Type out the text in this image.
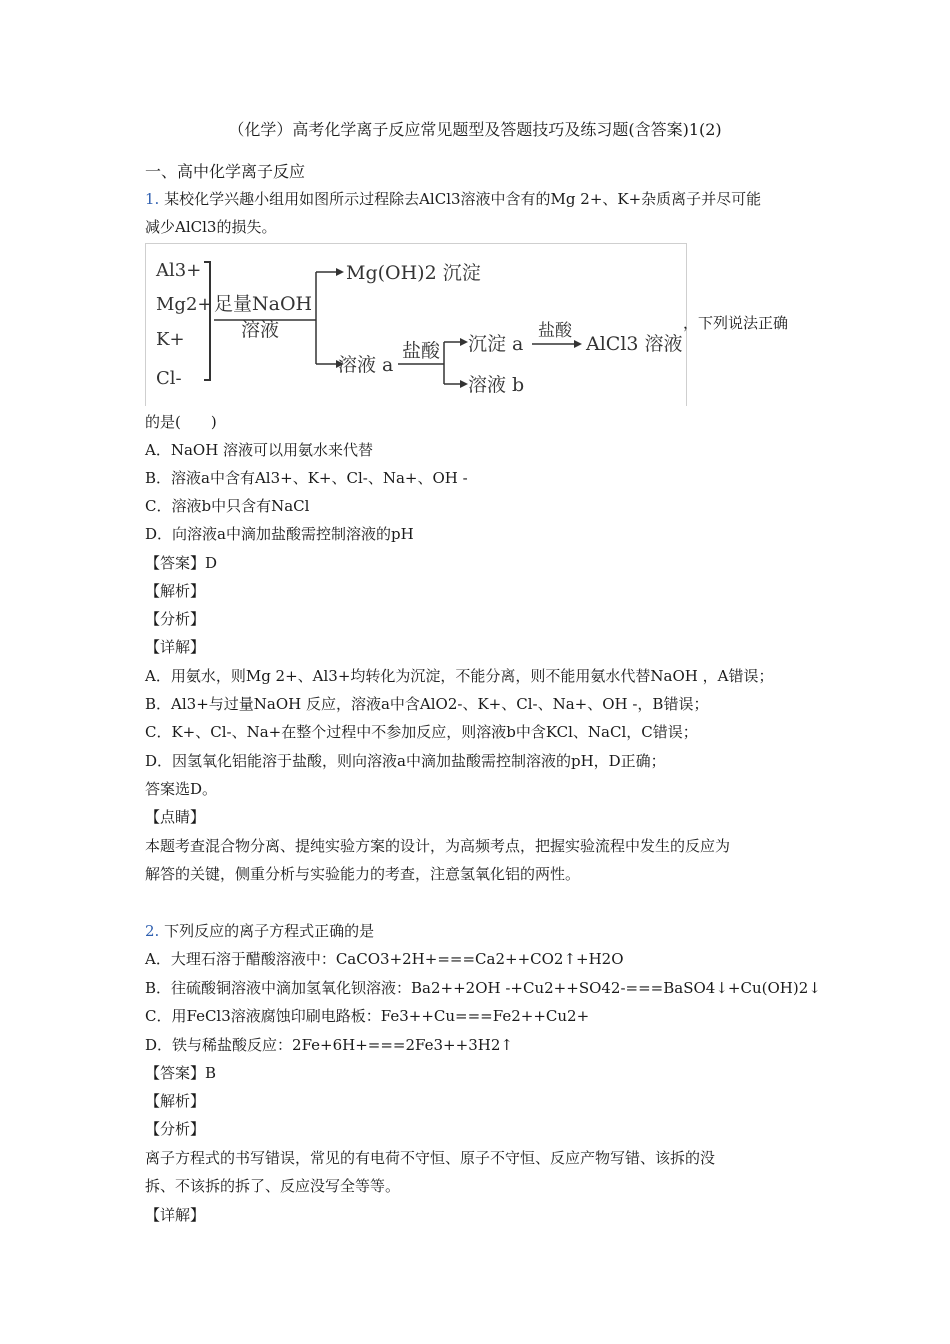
（化学）高考化学离子反应常见题型及答题技巧及练习题(含答案)1(2)
一、高中化学离子反应
1. 某校化学兴趣小组用如图所示过程除去AlCl3溶液中含有的Mg 2+、K+杂质离子并尽可能
减少AlCl3的损失。
Al3+
Mg2+
K+
Cl-
足量NaOH
溶液
Mg(OH)2 沉淀
溶液 a
盐酸 沉淀 a
溶液 b
盐酸
AlCl3 溶液
，下列说法正确
的是(　　)
A．NaOH 溶液可以用氨水来代替
B．溶液a中含有Al3+、K+、Cl-、Na+、OH -
C．溶液b中只含有NaCl
D．向溶液a中滴加盐酸需控制溶液的pH
【答案】D
【解析】
【分析】
【详解】
A．用氨水，则Mg 2+、Al3+均转化为沉淀，不能分离，则不能用氨水代替NaOH ，A错误；
B．Al3+与过量NaOH 反应，溶液a中含AlO2-、K+、Cl-、Na+、OH -，B错误；
C．K+、Cl-、Na+在整个过程中不参加反应，则溶液b中含KCl、NaCl，C错误；
D．因氢氧化铝能溶于盐酸，则向溶液a中滴加盐酸需控制溶液的pH，D正确；
答案选D。
【点睛】
本题考查混合物分离、提纯实验方案的设计，为高频考点，把握实验流程中发生的反应为
解答的关键，侧重分析与实验能力的考查，注意氢氧化铝的两性。
2. 下列反应的离子方程式正确的是
A．大理石溶于醋酸溶液中：CaCO3+2H+===Ca2++CO2↑+H2O
B．往硫酸铜溶液中滴加氢氧化钡溶液：Ba2++2OH -+Cu2++SO42-===BaSO4↓+Cu(OH)2↓
C．用FeCl3溶液腐蚀印刷电路板：Fe3++Cu===Fe2++Cu2+
D．铁与稀盐酸反应：2Fe+6H+===2Fe3++3H2↑
【答案】B
【解析】
【分析】
离子方程式的书写错误，常见的有电荷不守恒、原子不守恒、反应产物写错、该拆的没
拆、不该拆的拆了、反应没写全等等。
【详解】
